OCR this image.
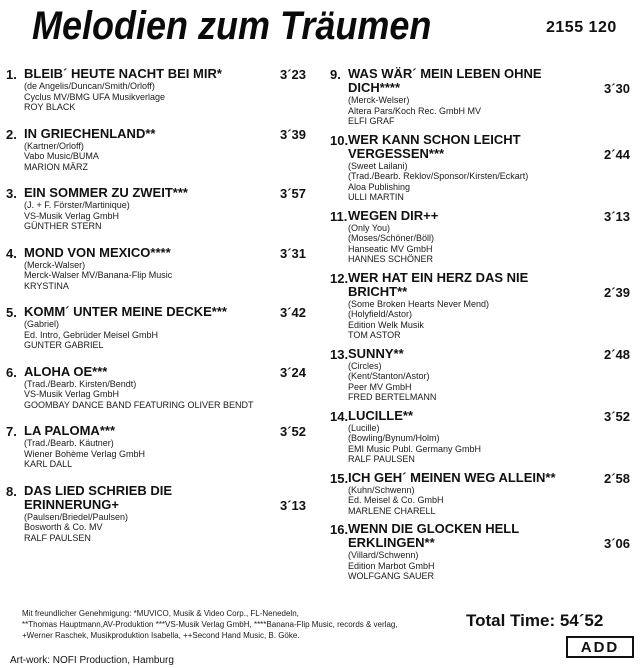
Melodien zum Träumen	2155 120
1. BLEIB´ HEUTE NACHT BEI MIR*	3´23
(de Angelis/Duncan/Smith/Orloff)
Cyclus MV/BMG UFA Musikverlage
ROY BLACK
2. IN GRIECHENLAND**	3´39
(Kartner/Orloff)
Vabo Music/BUMA
MARION MÄRZ
3. EIN SOMMER ZU ZWEIT***	3´57
(J. + F. Förster/Martinique)
VS-Musik Verlag GmbH
GÜNTHER STERN
4. MOND VON MEXICO****	3´31
(Merck-Walser)
Merck-Walser MV/Banana-Flip Music
KRYSTINA
5. KOMM´ UNTER MEINE DECKE***	3´42
(Gabriel)
Ed. Intro, Gebrüder Meisel GmbH
GUNTER GABRIEL
6. ALOHA OE***	3´24
(Trad./Bearb. Kirsten/Bendt)
VS-Musik Verlag GmbH
GOOMBAY DANCE BAND FEATURING OLIVER BENDT
7. LA PALOMA***	3´52
(Trad./Bearb. Käutner)
Wiener Bohème Verlag GmbH
KARL DALL
8. DAS LIED SCHRIEB DIE ERINNERUNG+	3´13
(Paulsen/Briedel/Paulsen)
Bosworth & Co. MV
RALF PAULSEN
9. WAS WÄR´ MEIN LEBEN OHNE DICH****	3´30
(Merck-Welser)
Altera Pars/Koch Rec. GmbH MV
ELFI GRAF
10. WER KANN SCHON LEICHT VERGESSEN***	2´44
(Sweet Lailani)
(Trad./Bearb. Reklov/Sponsor/Kirsten/Eckart)
Aloa Publishing
ULLI MARTIN
11. WEGEN DIR++	3´13
(Only You)
(Moses/Schöner/Böll)
Hanseatic MV GmbH
HANNES SCHÖNER
12. WER HAT EIN HERZ DAS NIE BRICHT**	2´39
(Some Broken Hearts Never Mend)
(Holyfield/Astor)
Edition Welk Musik
TOM ASTOR
13. SUNNY**	2´48
(Circles)
(Kent/Stanton/Astor)
Peer MV GmbH
FRED BERTELMANN
14. LUCILLE**	3´52
(Lucille)
(Bowling/Bynum/Holm)
EMI Music Publ. Germany GmbH
RALF PAULSEN
15. ICH GEH´ MEINEN WEG ALLEIN**	2´58
(Kuhn/Schwenn)
Ed. Meisel & Co. GmbH
MARLENE CHARELL
16. WENN DIE GLOCKEN HELL ERKLINGEN**	3´06
(Villard/Schwenn)
Edition Marbot GmbH
WOLFGANG SAUER
Mit freundlicher Genehmigung: *MUVICO, Musik & Video Corp., FL-Nenedeln,
**Thomas Hauptmann,AV-Produktion ***VS-Musik Verlag GmbH, ****Banana-Flip Music, records & verlag,
+Werner Raschek, Musikproduktion Isabella, ++Second Hand Music, B. Göke.
Art-work: NOFI Production, Hamburg
Total Time: 54´52
ADD
